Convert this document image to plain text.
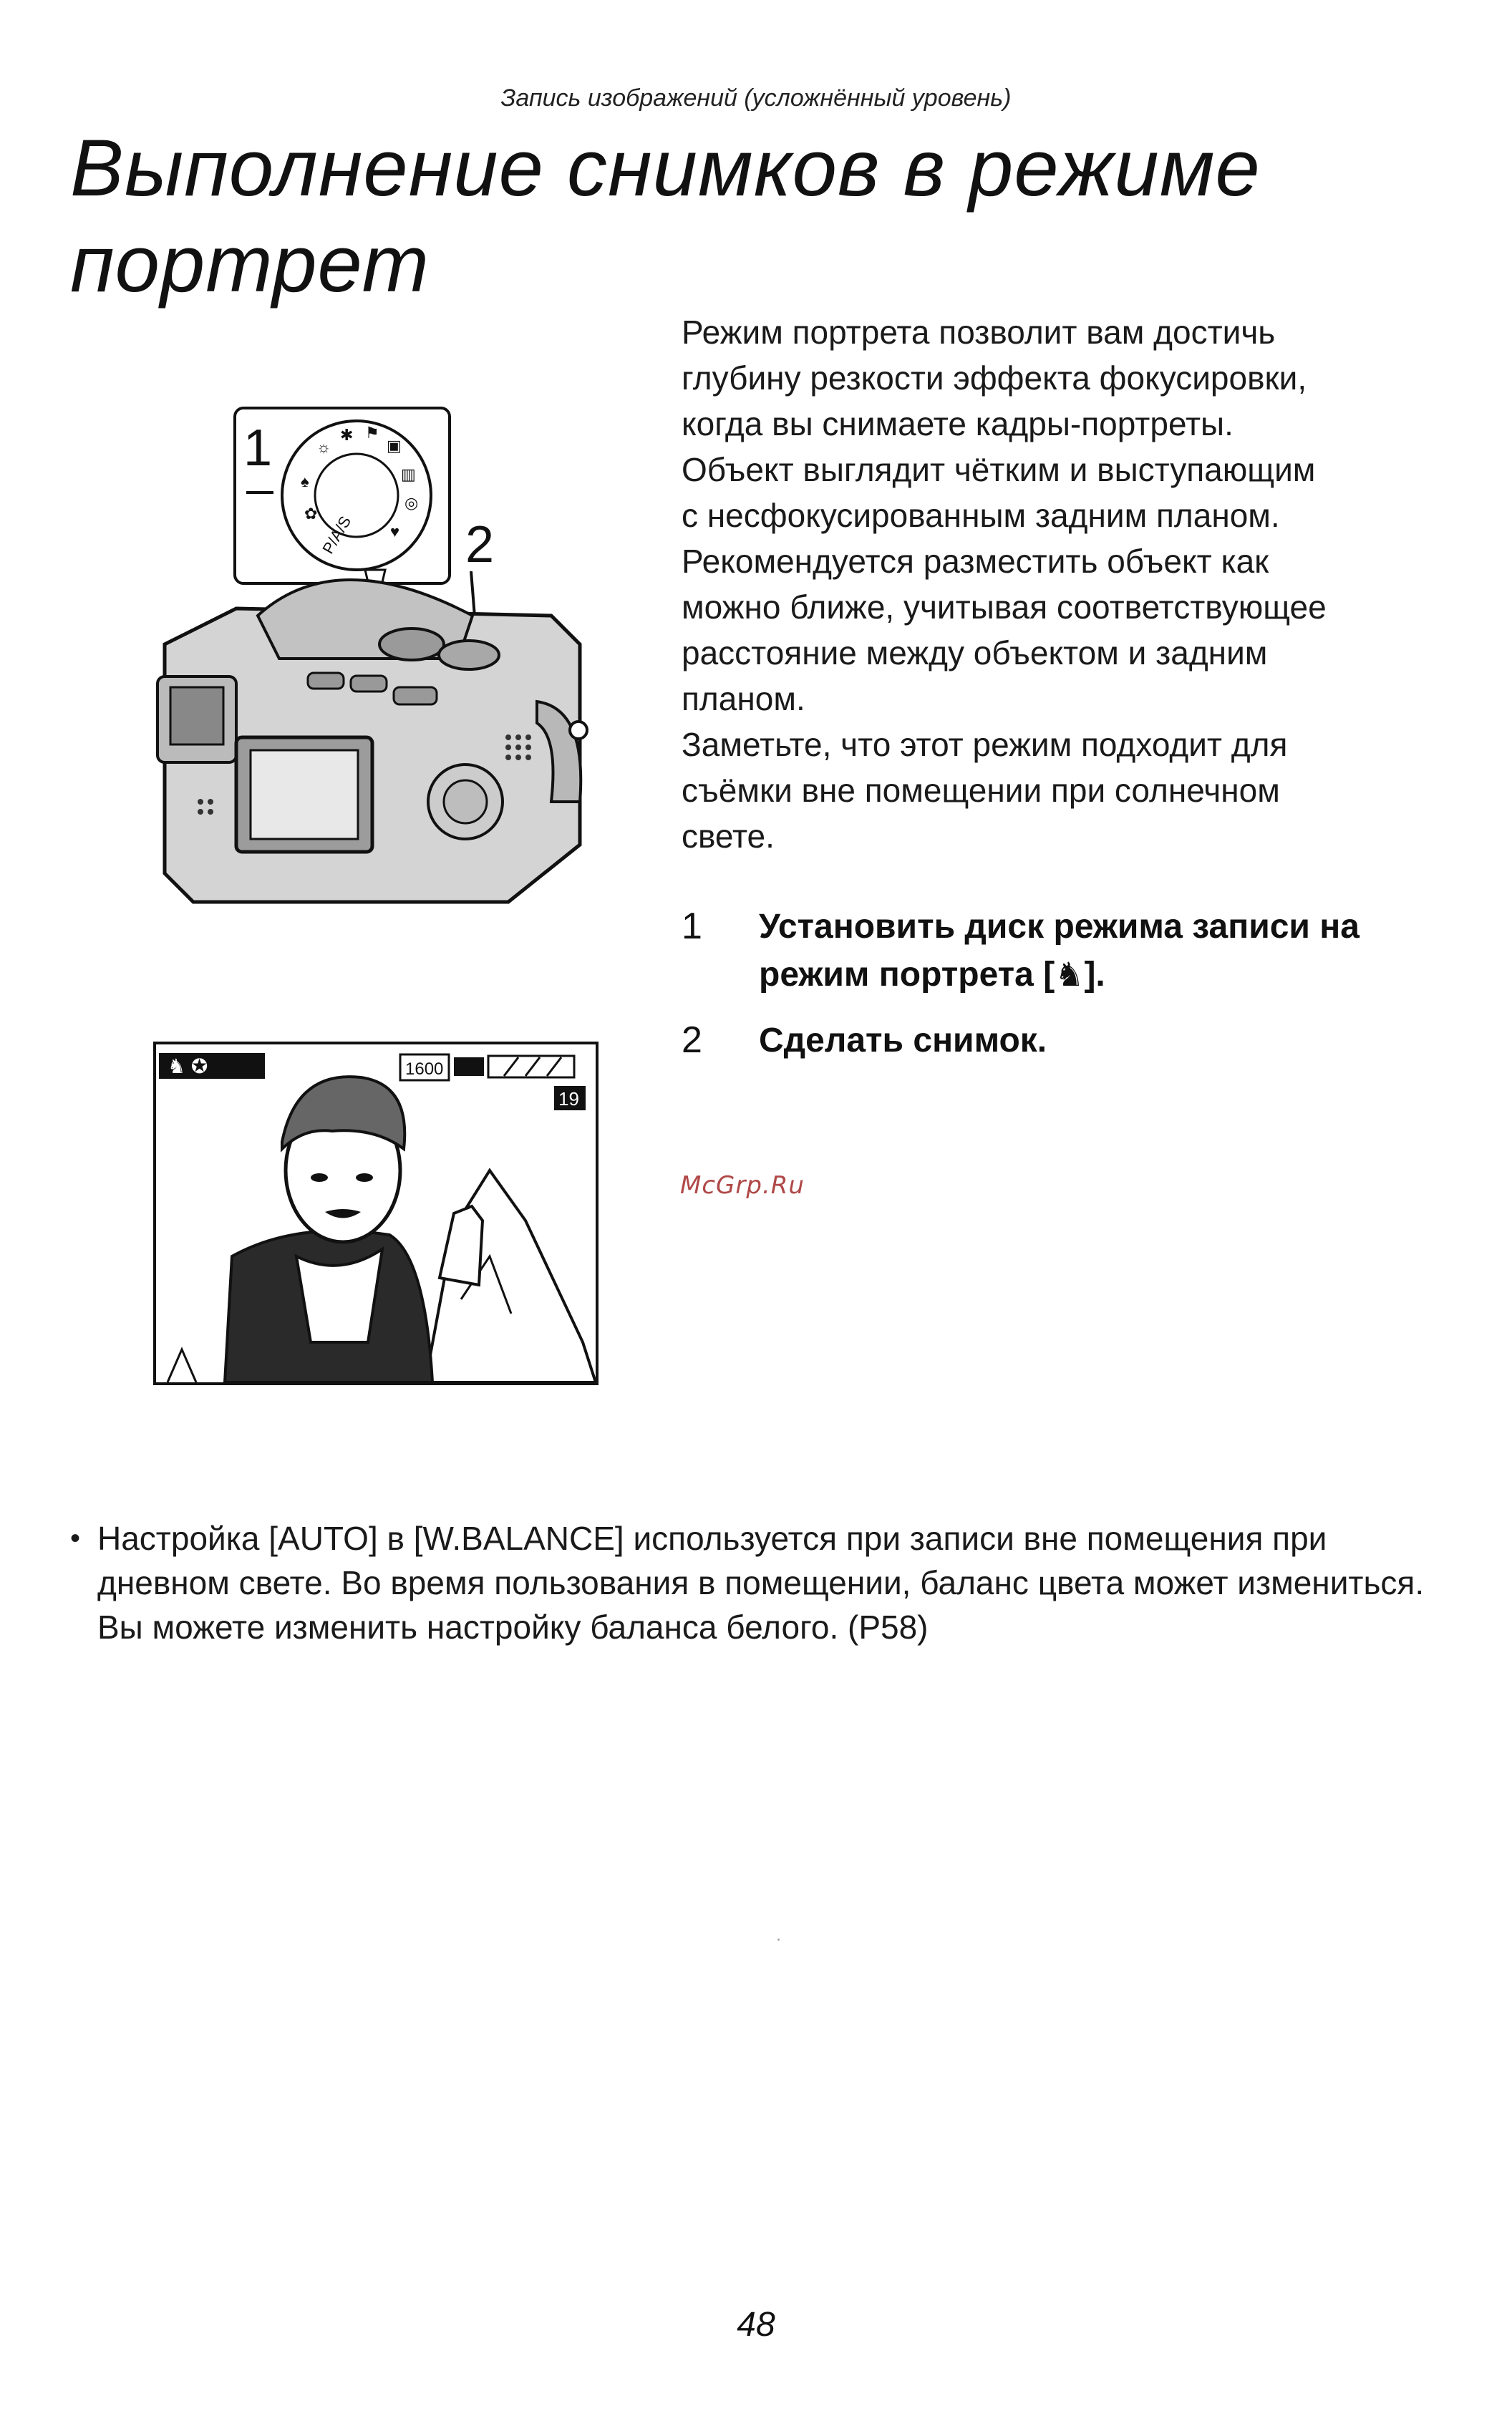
Запись изображений (усложнённый уровень)
Выполнение снимков в режиме
портрет
1	✱ ⚑
▣
▥
◎
♥
♠
✿
☼
P/A/S 2
♞ ✪	1600
19

Режим портрета позволит вам достичь

глубину резкости эффекта фокусировки,

когда вы снимаете кадры-портреты.

Объект выглядит чётким и выступающим

с несфокусированным задним планом.

Рекомендуется разместить объект как

можно ближе, учитывая соответствующее

расстояние между объектом и задним

планом.

Заметьте, что этот режим подходит для

съёмки вне помещении при солнечном

свете.

1	Установить диск режима записи на режим портрета [♞].
2	Сделать снимок.
McGrp.Ru
• Настройка [AUTO] в [W.BALANCE] используется при записи вне помещения при дневном свете. Во время пользования в помещении, баланс цвета может измениться. Вы можете изменить настройку баланса белого. (P58)
48
